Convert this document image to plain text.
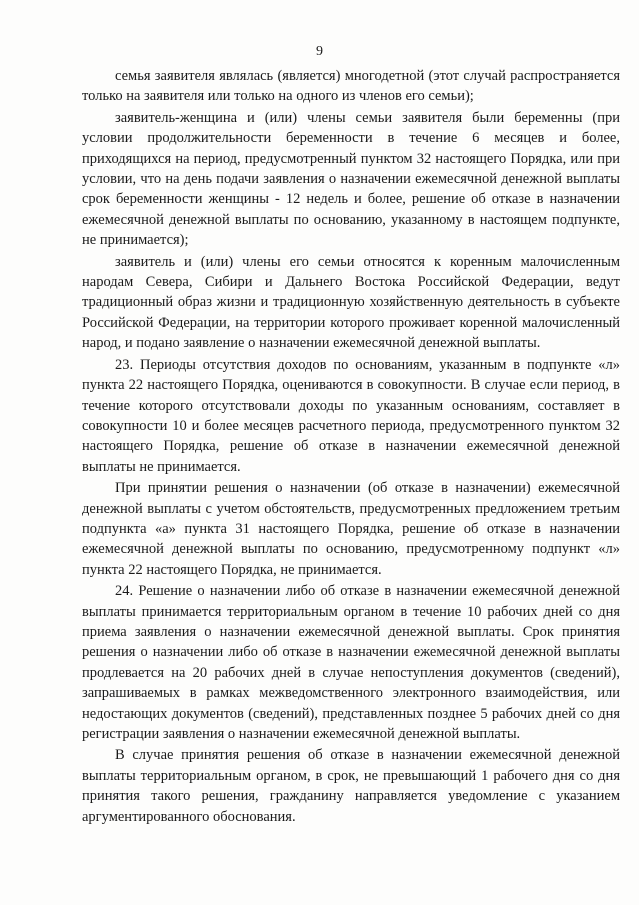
9

семья заявителя являлась (является) многодетной (этот случай распространяется только на заявителя или только на одного из членов его семьи);

заявитель-женщина и (или) члены семьи заявителя были беременны (при условии продолжительности беременности в течение 6 месяцев и более, приходящихся на период, предусмотренный пунктом 32 настоящего Порядка, или при условии, что на день подачи заявления о назначении ежемесячной денежной выплаты срок беременности женщины - 12 недель и более, решение об отказе в назначении ежемесячной денежной выплаты по основанию, указанному в настоящем подпункте, не принимается);

заявитель и (или) члены его семьи относятся к коренным малочисленным народам Севера, Сибири и Дальнего Востока Российской Федерации, ведут традиционный образ жизни и традиционную хозяйственную деятельность в субъекте Российской Федерации, на территории которого проживает коренной малочисленный народ, и подано заявление о назначении ежемесячной денежной выплаты.

23. Периоды отсутствия доходов по основаниям, указанным в подпункте «л» пункта 22 настоящего Порядка, оцениваются в совокупности. В случае если период, в течение которого отсутствовали доходы по указанным основаниям, составляет в совокупности 10 и более месяцев расчетного периода, предусмотренного пунктом 32 настоящего Порядка, решение об отказе в назначении ежемесячной денежной выплаты не принимается.

При принятии решения о назначении (об отказе в назначении) ежемесячной денежной выплаты с учетом обстоятельств, предусмотренных предложением третьим подпункта «а» пункта 31 настоящего Порядка, решение об отказе в назначении ежемесячной денежной выплаты по основанию, предусмотренному подпункт «л» пункта 22 настоящего Порядка, не принимается.

24. Решение о назначении либо об отказе в назначении ежемесячной денежной выплаты принимается территориальным органом в течение 10 рабочих дней со дня приема заявления о назначении ежемесячной денежной выплаты. Срок принятия решения о назначении либо об отказе в назначении ежемесячной денежной выплаты продлевается на 20 рабочих дней в случае непоступления документов (сведений), запрашиваемых в рамках межведомственного электронного взаимодействия, или недостающих документов (сведений), представленных позднее 5 рабочих дней со дня регистрации заявления о назначении ежемесячной денежной выплаты.

В случае принятия решения об отказе в назначении ежемесячной денежной выплаты территориальным органом, в срок, не превышающий 1 рабочего дня со дня принятия такого решения, гражданину направляется уведомление с указанием аргументированного обоснования.
